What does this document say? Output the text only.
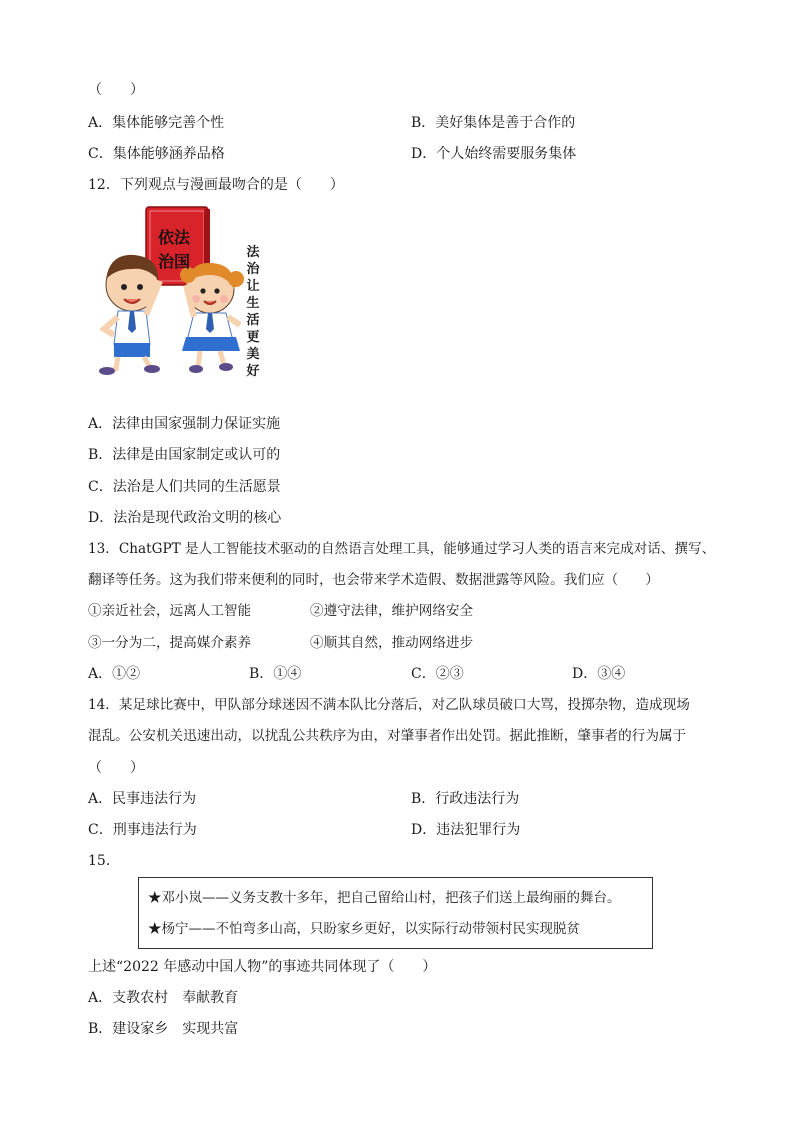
（　　）
A．集体能够完善个性	B．美好集体是善于合作的
C．集体能够涵养品格	D．个人始终需要服务集体
12．下列观点与漫画最吻合的是（　　）
依法
治国	法
治
让
生
活
更
美
好
A．法律由国家强制力保证实施
B．法律是由国家制定或认可的
C．法治是人们共同的生活愿景
D．法治是现代政治文明的核心
13．ChatGPT 是人工智能技术驱动的自然语言处理工具，能够通过学习人类的语言来完成对话、撰写、
翻译等任务。这为我们带来便利的同时，也会带来学术造假、数据泄露等风险。我们应（　　）
①亲近社会，远离人工智能	②遵守法律，维护网络安全
③一分为二，提高媒介素养	④顺其自然，推动网络进步
A．①②	B．①④	C．②③	D．③④
14．某足球比赛中，甲队部分球迷因不满本队比分落后，对乙队球员破口大骂，投掷杂物，造成现场
混乱。公安机关迅速出动，以扰乱公共秩序为由，对肇事者作出处罚。据此推断，肇事者的行为属于
（　　）
A．民事违法行为	B．行政违法行为
C．刑事违法行为	D．违法犯罪行为
15．
★邓小岚——义务支教十多年，把自己留给山村，把孩子们送上最绚丽的舞台。
★杨宁——不怕弯多山高，只盼家乡更好，以实际行动带领村民实现脱贫
上述“2022 年感动中国人物”的事迹共同体现了（　　）
A．支教农村　奉献教育
B．建设家乡　实现共富
